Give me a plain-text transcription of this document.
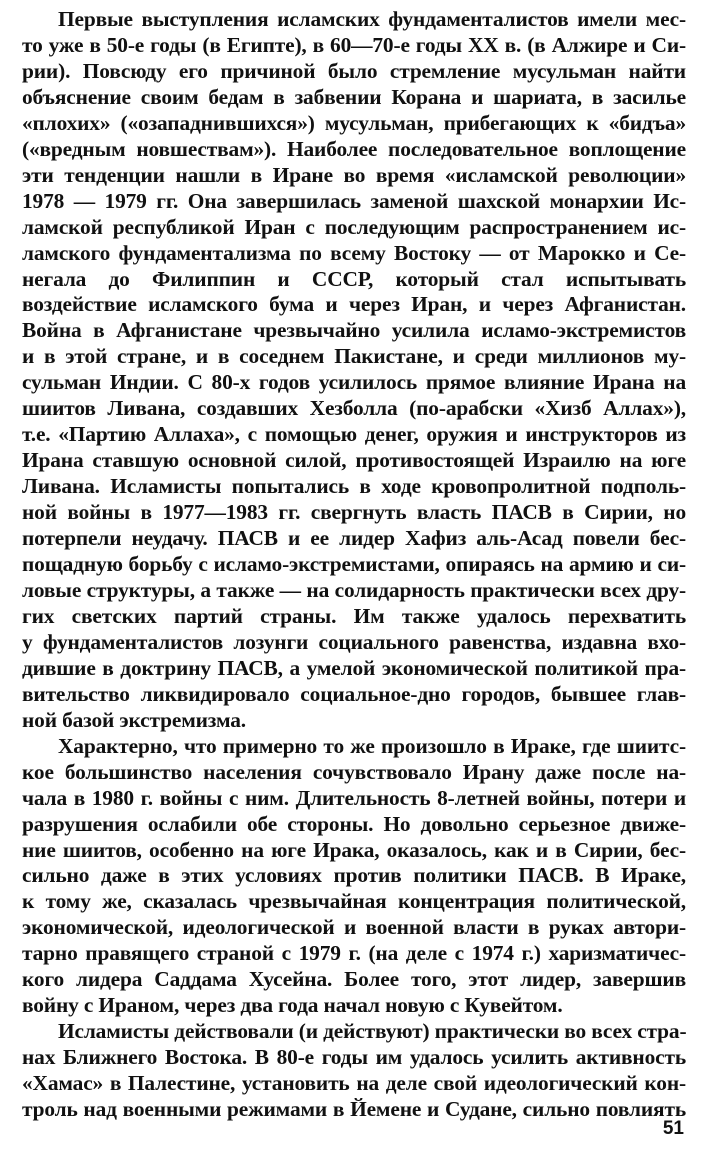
Первые выступления исламских фундаменталистов имели мес-
то уже в 50-е годы (в Египте), в 60—70-е годы XX в. (в Алжире и Си-
рии). Повсюду его причиной было стремление мусульман найти
объяснение своим бедам в забвении Корана и шариата, в засилье
«плохих» («озападнившихся») мусульман, прибегающих к «бидъа»
(«вредным новшествам»). Наиболее последовательное воплощение
эти тенденции нашли в Иране во время «исламской революции»
1978 — 1979 гг. Она завершилась заменой шахской монархии Ис-
ламской республикой Иран с последующим распространением ис-
ламского фундаментализма по всему Востоку — от Марокко и Се-
негала до Филиппин и СССР, который стал испытывать
воздействие исламского бума и через Иран, и через Афганистан.
Война в Афганистане чрезвычайно усилила исламо-экстремистов
и в этой стране, и в соседнем Пакистане, и среди миллионов му-
сульман Индии. С 80-х годов усилилось прямое влияние Ирана на
шиитов Ливана, создавших Хезболла (по-арабски «Хизб Аллах»),
т.е. «Партию Аллаха», с помощью денег, оружия и инструкторов из
Ирана ставшую основной силой, противостоящей Израилю на юге
Ливана. Исламисты попытались в ходе кровопролитной подполь-
ной войны в 1977—1983 гг. свергнуть власть ПАСВ в Сирии, но
потерпели неудачу. ПАСВ и ее лидер Хафиз аль-Асад повели бес-
пощадную борьбу с исламо-экстремистами, опираясь на армию и си-
ловые структуры, а также — на солидарность практически всех дру-
гих светских партий страны. Им также удалось перехватить
у фундаменталистов лозунги социального равенства, издавна вхо-
дившие в доктрину ПАСВ, а умелой экономической политикой пра-
вительство ликвидировало социальное-дно городов, бывшее глав-
ной базой экстремизма.
Характерно, что примерно то же произошло в Ираке, где шиитс-
кое большинство населения сочувствовало Ирану даже после на-
чала в 1980 г. войны с ним. Длительность 8-летней войны, потери и
разрушения ослабили обе стороны. Но довольно серьезное движе-
ние шиитов, особенно на юге Ирака, оказалось, как и в Сирии, бес-
сильно даже в этих условиях против политики ПАСВ. В Ираке,
к тому же, сказалась чрезвычайная концентрация политической,
экономической, идеологической и военной власти в руках автори-
тарно правящего страной с 1979 г. (на деле с 1974 г.) харизматичес-
кого лидера Саддама Хусейна. Более того, этот лидер, завершив
войну с Ираном, через два года начал новую с Кувейтом.
Исламисты действовали (и действуют) практически во всех стра-
нах Ближнего Востока. В 80-е годы им удалось усилить активность
«Хамас» в Палестине, установить на деле свой идеологический кон-
троль над военными режимами в Йемене и Судане, сильно повлиять
51
